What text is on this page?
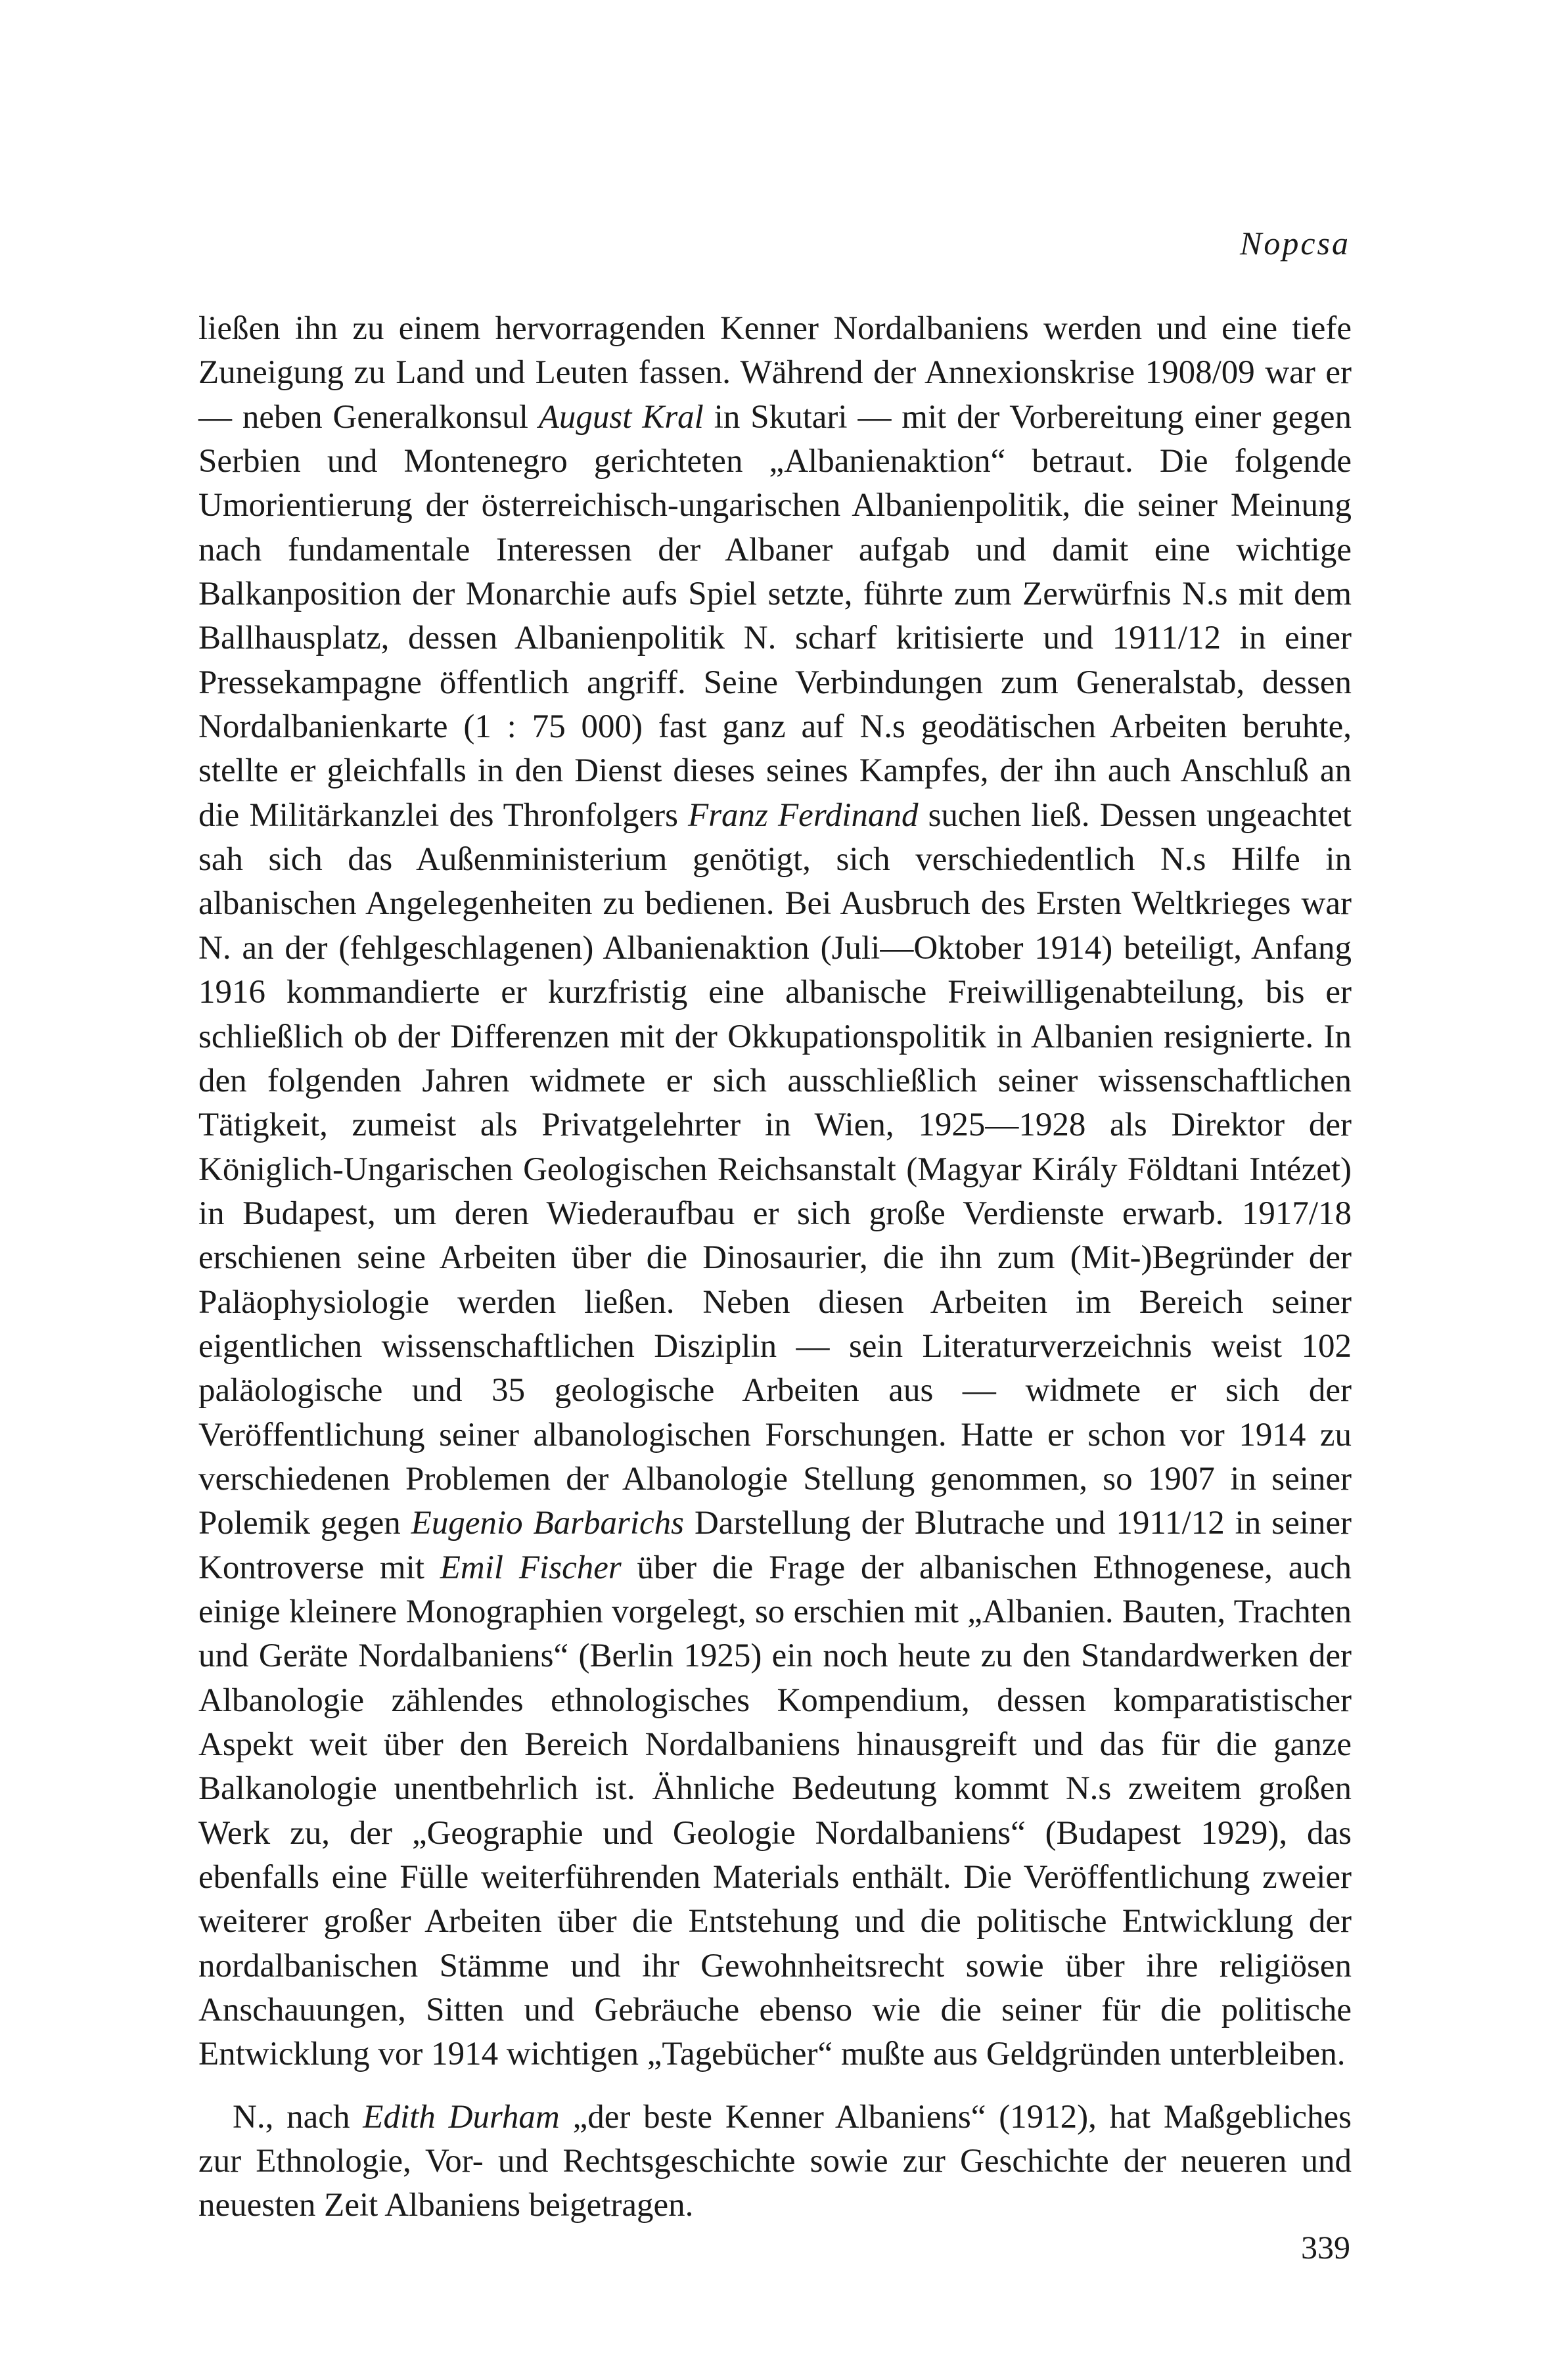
Nopcsa

ließen ihn zu einem hervorragenden Kenner Nordalbaniens werden und eine tiefe Zuneigung zu Land und Leuten fassen. Während der Annexionskrise 1908/09 war er — neben Generalkonsul August Kral in Skutari — mit der Vorbereitung einer gegen Serbien und Montenegro gerichteten „Albanienaktion“ betraut. Die folgende Umorientierung der österreichisch-ungarischen Albanienpolitik, die seiner Meinung nach fundamentale Interessen der Albaner aufgab und damit eine wichtige Balkanposition der Monarchie aufs Spiel setzte, führte zum Zerwürfnis N.s mit dem Ballhausplatz, dessen Albanienpolitik N. scharf kritisierte und 1911/12 in einer Pressekampagne öffentlich angriff. Seine Verbindungen zum Generalstab, dessen Nordalbanienkarte (1 : 75 000) fast ganz auf N.s geodätischen Arbeiten beruhte, stellte er gleichfalls in den Dienst dieses seines Kampfes, der ihn auch Anschluß an die Militärkanzlei des Thronfolgers Franz Ferdinand suchen ließ. Dessen ungeachtet sah sich das Außenministerium genötigt, sich verschiedentlich N.s Hilfe in albanischen Angelegenheiten zu bedienen. Bei Ausbruch des Ersten Weltkrieges war N. an der (fehlgeschlagenen) Albanienaktion (Juli—Oktober 1914) beteiligt, Anfang 1916 kommandierte er kurzfristig eine albanische Freiwilligenabteilung, bis er schließlich ob der Differenzen mit der Okkupationspolitik in Albanien resignierte. In den folgenden Jahren widmete er sich ausschließlich seiner wissenschaftlichen Tätigkeit, zumeist als Privatgelehrter in Wien, 1925—1928 als Direktor der Königlich-Ungarischen Geologischen Reichsanstalt (Magyar Király Földtani Intézet) in Budapest, um deren Wiederaufbau er sich große Verdienste erwarb. 1917/18 erschienen seine Arbeiten über die Dinosaurier, die ihn zum (Mit-)Begründer der Paläophysiologie werden ließen. Neben diesen Arbeiten im Bereich seiner eigentlichen wissenschaftlichen Disziplin — sein Literaturverzeichnis weist 102 paläologische und 35 geologische Arbeiten aus — widmete er sich der Veröffentlichung seiner albanologischen Forschungen. Hatte er schon vor 1914 zu verschiedenen Problemen der Albanologie Stellung genommen, so 1907 in seiner Polemik gegen Eugenio Barbarichs Darstellung der Blutrache und 1911/12 in seiner Kontroverse mit Emil Fischer über die Frage der albanischen Ethnogenese, auch einige kleinere Monographien vorgelegt, so erschien mit „Albanien. Bauten, Trachten und Geräte Nordalbaniens“ (Berlin 1925) ein noch heute zu den Standardwerken der Albanologie zählendes ethnologisches Kompendium, dessen komparatistischer Aspekt weit über den Bereich Nordalbaniens hinausgreift und das für die ganze Balkanologie unentbehrlich ist. Ähnliche Bedeutung kommt N.s zweitem großen Werk zu, der „Geographie und Geologie Nordalbaniens“ (Budapest 1929), das ebenfalls eine Fülle weiterführenden Materials enthält. Die Veröffentlichung zweier weiterer großer Arbeiten über die Entstehung und die politische Entwicklung der nordalbanischen Stämme und ihr Gewohnheitsrecht sowie über ihre religiösen Anschauungen, Sitten und Gebräuche ebenso wie die seiner für die politische Entwicklung vor 1914 wichtigen „Tagebücher“ mußte aus Geldgründen unterbleiben.

N., nach Edith Durham „der beste Kenner Albaniens“ (1912), hat Maßgebliches zur Ethnologie, Vor- und Rechtsgeschichte sowie zur Geschichte der neueren und neuesten Zeit Albaniens beigetragen.

339
